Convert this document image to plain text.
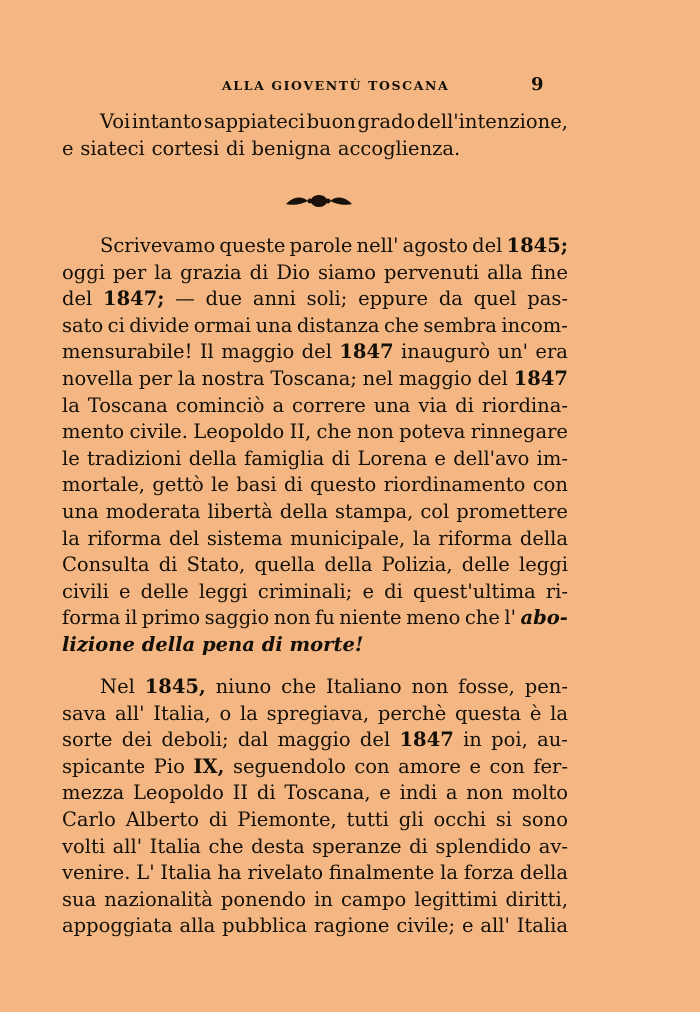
ALLA GIOVENTÙ TOSCANA	9
Voi intanto sappiateci buon grado dell'intenzione,
e siateci cortesi di benigna accoglienza.
Scrivevamo queste parole nell' agosto del 1845;
oggi per la grazia di Dio siamo pervenuti alla fine
del 1847; — due anni soli; eppure da quel pas-
sato ci divide ormai una distanza che sembra incom-
mensurabile! Il maggio del 1847 inaugurò un' era
novella per la nostra Toscana; nel maggio del 1847
la Toscana cominciò a correre una via di riordina-
mento civile. Leopoldo II, che non poteva rinnegare
le tradizioni della famiglia di Lorena e dell'avo im-
mortale, gettò le basi di questo riordinamento con
una moderata libertà della stampa, col promettere
la riforma del sistema municipale, la riforma della
Consulta di Stato, quella della Polizia, delle leggi
civili e delle leggi criminali; e di quest'ultima ri-
forma il primo saggio non fu niente meno che l' abo-
lizione della pena di morte!
Nel 1845, niuno che Italiano non fosse, pen-
sava all' Italia, o la spregiava, perchè questa è la
sorte dei deboli; dal maggio del 1847 in poi, au-
spicante Pio IX, seguendolo con amore e con fer-
mezza Leopoldo II di Toscana, e indi a non molto
Carlo Alberto di Piemonte, tutti gli occhi si sono
volti all' Italia che desta speranze di splendido av-
venire. L' Italia ha rivelato finalmente la forza della
sua nazionalità ponendo in campo legittimi diritti,
appoggiata alla pubblica ragione civile; e all' Italia
